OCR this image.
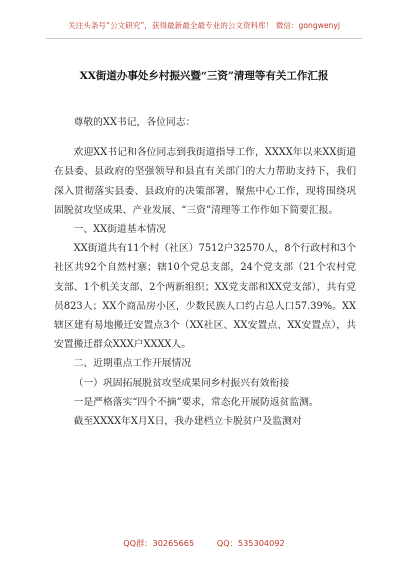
关注头条号“公文研究”，获得最新最全最专业的公文资料库！ 微信：gongwenyj
XX街道办事处乡村振兴暨“三资”清理等有关工作汇报

尊敬的XX书记，各位同志：

欢迎XX书记和各位同志到我街道指导工作，XXXX年以来XX街道在县委、县政府的坚强领导和县直有关部门的大力帮助支持下，我们深入贯彻落实县委、县政府的决策部署，聚焦中心工作，现将围绕巩固脱贫攻坚成果、产业发展、“三资”清理等工作作如下简要汇报。

一、XX街道基本情况

XX街道共有11个村（社区）7512户32570人，8个行政村和3个社区共92个自然村寨；辖10个党总支部，24个党支部（21个农村党支部、1个机关支部、2个两新组织；XX党支部和XX党支部），共有党员823人；XX个商品房小区，少数民族人口约占总人口57.39%。XX辖区建有易地搬迁安置点3个（XX社区、XX安置点、XX安置点），共安置搬迁群众XXX户XXXX人。

二、近期重点工作开展情况

（一）巩固拓展脱贫攻坚成果同乡村振兴有效衔接

一是严格落实“四个不摘”要求，常态化开展防返贫监测。

截至XXXX年X月X日，我办建档立卡脱贫户及监测对

QQ群：30265665	QQ：535304092
